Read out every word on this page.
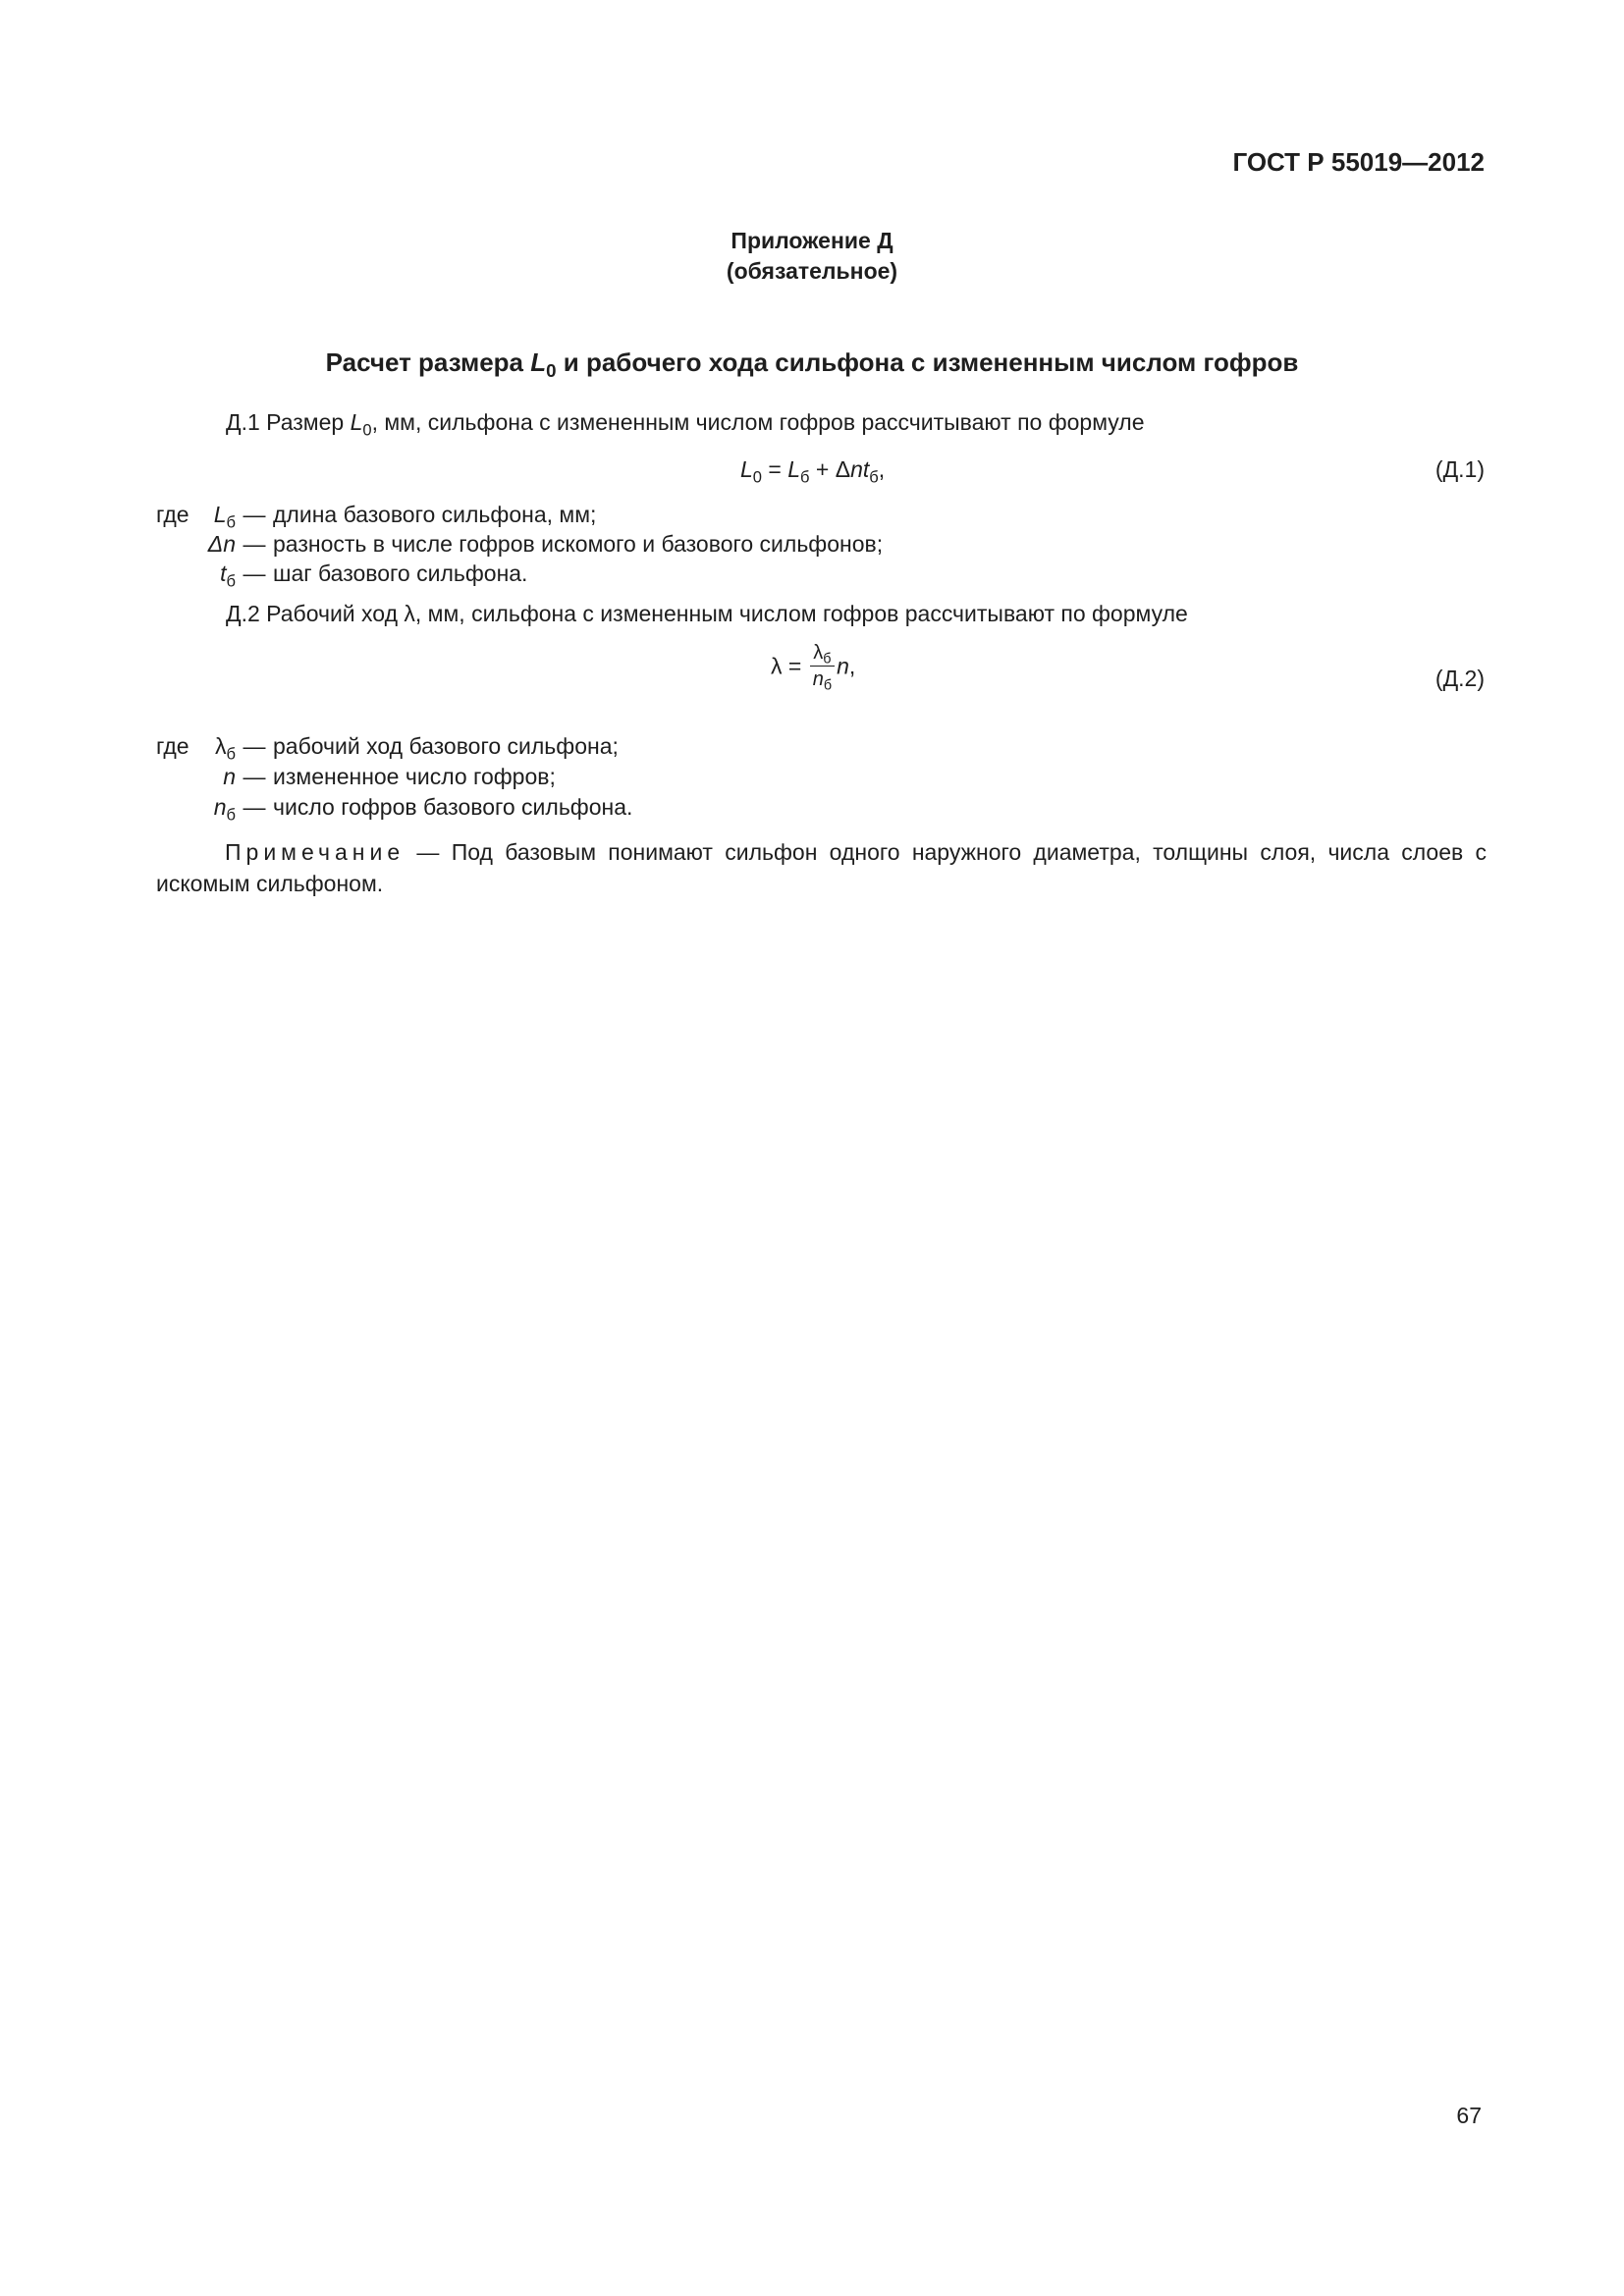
ГОСТ Р 55019—2012
Приложение Д
(обязательное)
Расчет размера $L_0$ и рабочего хода сильфона с измененным числом гофров
Д.1 Размер $L_0$, мм, сильфона с измененным числом гофров рассчитывают по формуле
$L_0 = L_б + \Delta nt_б$,	(Д.1)
где	$L_б$ — длина базового сильфона, мм;
Δn — разность в числе гофров искомого и базового сильфонов;
$t_б$ — шаг базового сильфона.
Д.2 Рабочий ход λ, мм, сильфона с измененным числом гофров рассчитывают по формуле
$\lambda = \frac{\lambda_б}{n_б} n$,	(Д.2)
где	$\lambda_б$ — рабочий ход базового сильфона;
n — измененное число гофров;
$n_б$ — число гофров базового сильфона.
Примечание — Под базовым понимают сильфон одного наружного диаметра, толщины слоя, числа слоев с искомым сильфоном.
67
